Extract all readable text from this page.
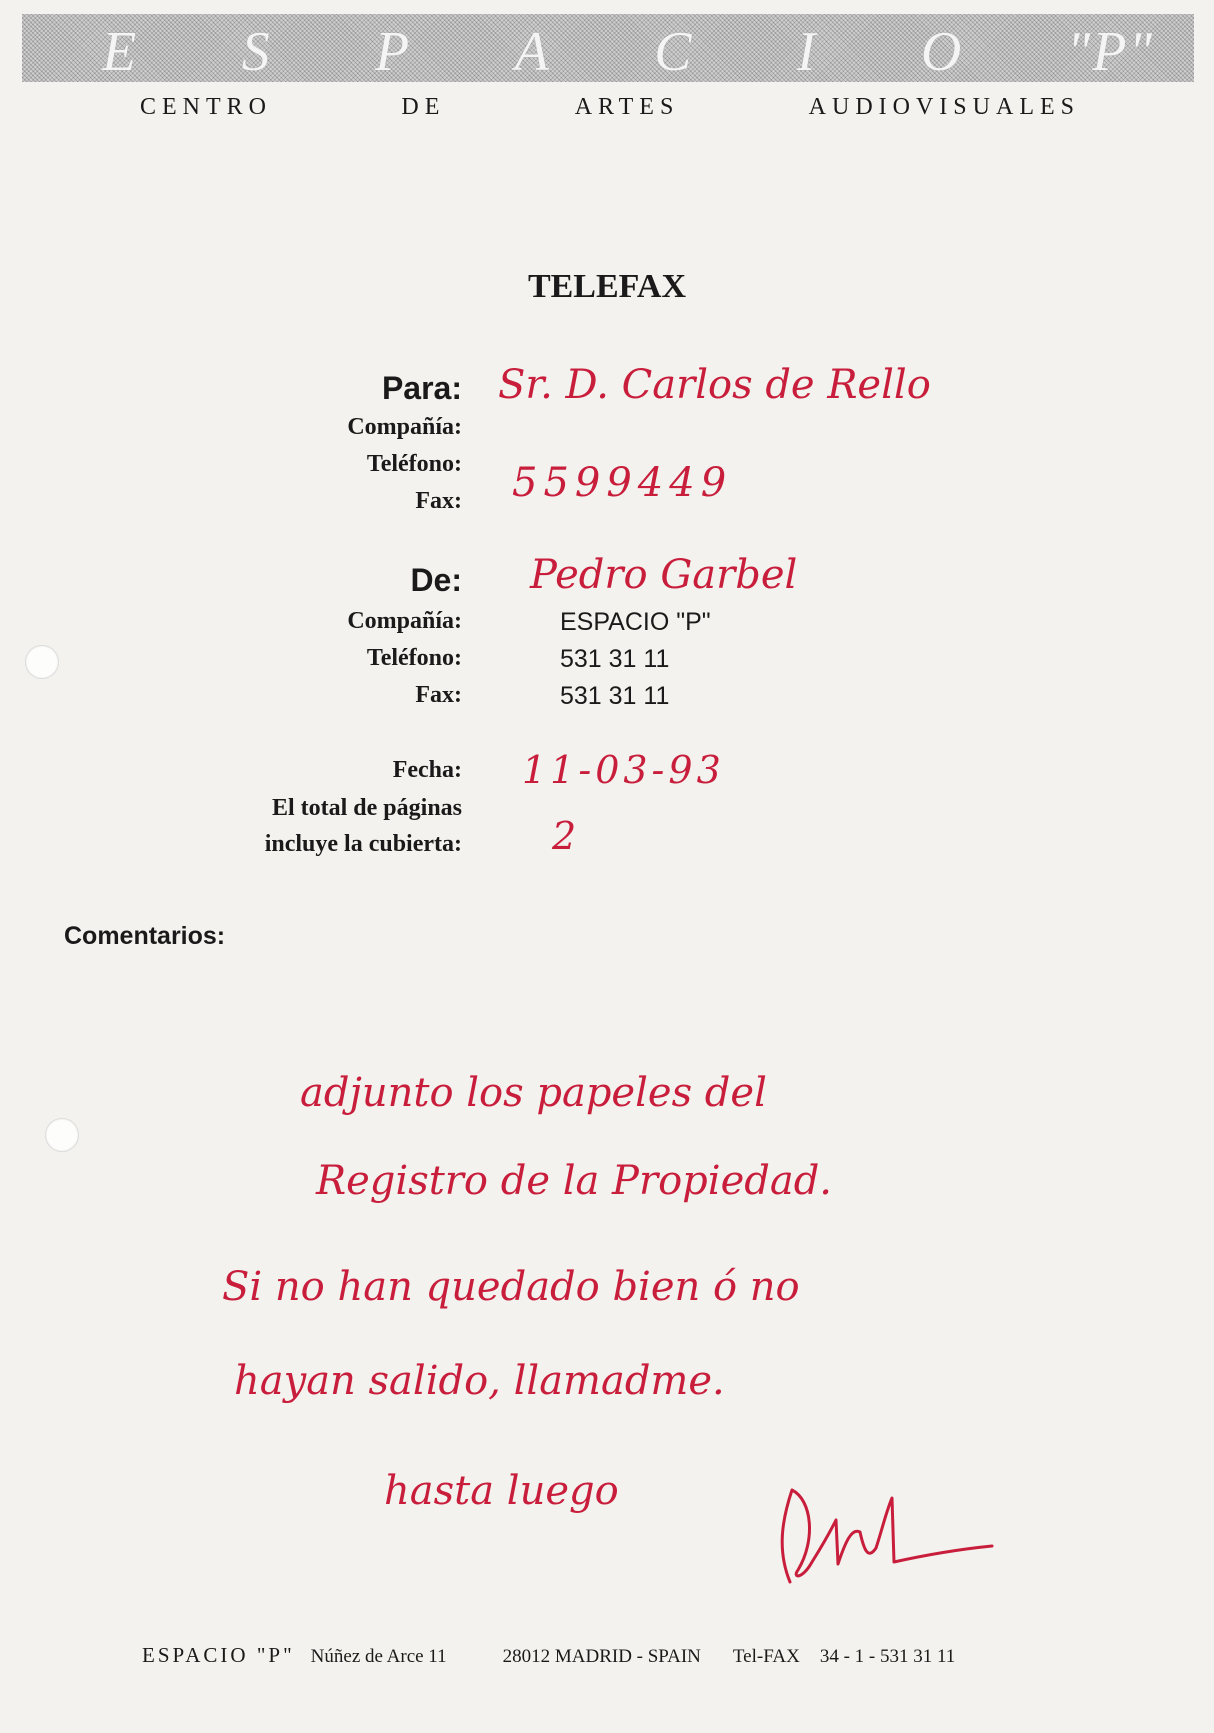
E S P A C I O "P"
CENTRO	DE	ARTES	AUDIOVISUALES
TELEFAX
Para: Sr. D. Carlos de Rello
Compañía:
Teléfono: 5599449
Fax:
De: Pedro Garbel
Compañía:	ESPACIO "P"
Teléfono:	531 31 11
Fax:	531 31 11
Fecha: 11-03-93
El total de páginas
incluye la cubierta: 2
Comentarios:
adjunto los papeles del
Registro de la Propiedad.
Si no han quedado bien ó no
hayan salido, llamadme.
hasta luego
ESPACIO "P" Núñez de Arce 11	28012 MADRID - SPAIN Tel-FAX 34 - 1 - 531 31 11
